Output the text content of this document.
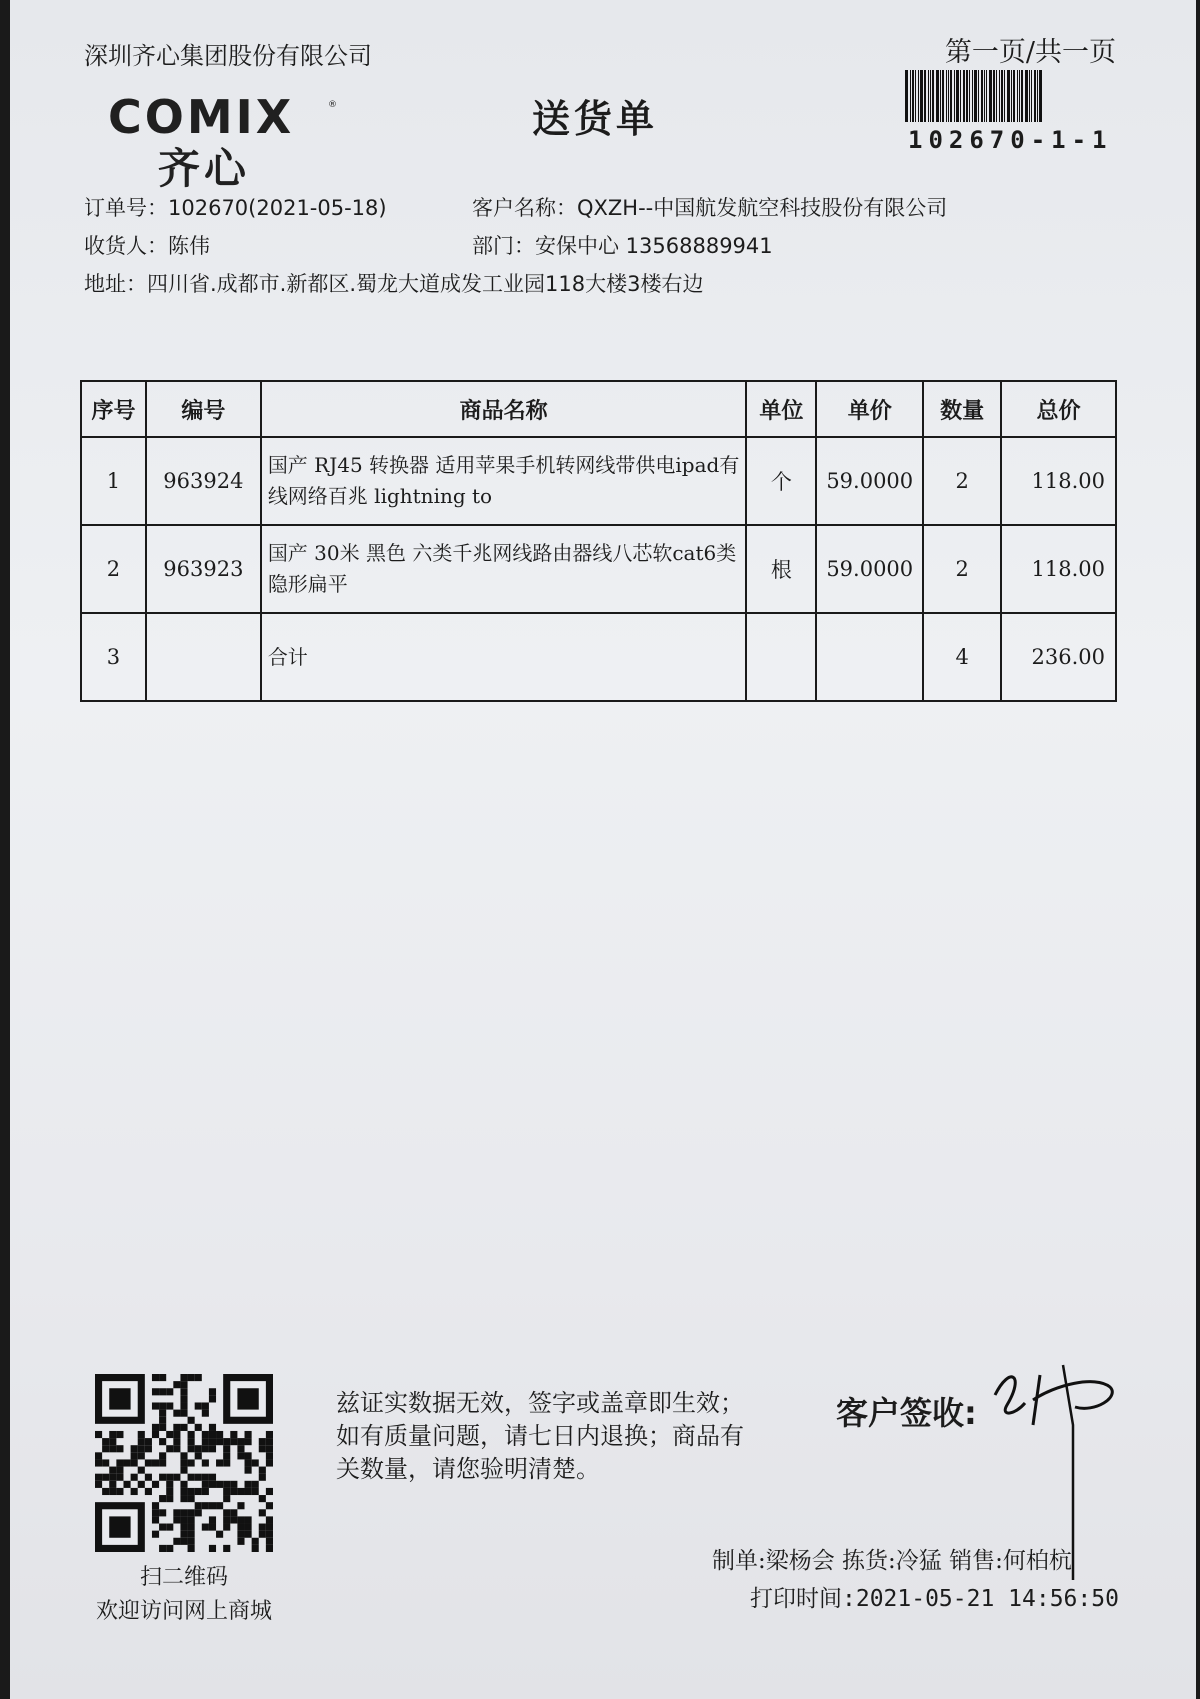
深圳齐心集团股份有限公司	第一页/共一页
送货单
COMIX	®
齐心
102670-1-1
订单号：102670(2021-05-18)	客户名称：QXZH--中国航发航空科技股份有限公司
收货人：陈伟	部门：安保中心 13568889941
地址：四川省.成都市.新都区.蜀龙大道成发工业园118大楼3楼右边
序号	编号	商品名称	单位	单价	数量	总价
1	963924	国产 RJ45 转换器 适用苹果手机转网线带供电ipad有线网络百兆 lightning to	个	59.0000	2	118.00
2	963923	国产 30米 黑色 六类千兆网线路由器线八芯软cat6类隐形扁平	根	59.0000	2	118.00
3		合计			4	236.00
扫二维码
欢迎访问网上商城
兹证实数据无效，签字或盖章即生效；如有质量问题，请七日内退换；商品有关数量，请您验明清楚。
客户签收:
制单:梁杨会 拣货:冷猛 销售:何柏杭
打印时间:2021-05-21 14:56:50
